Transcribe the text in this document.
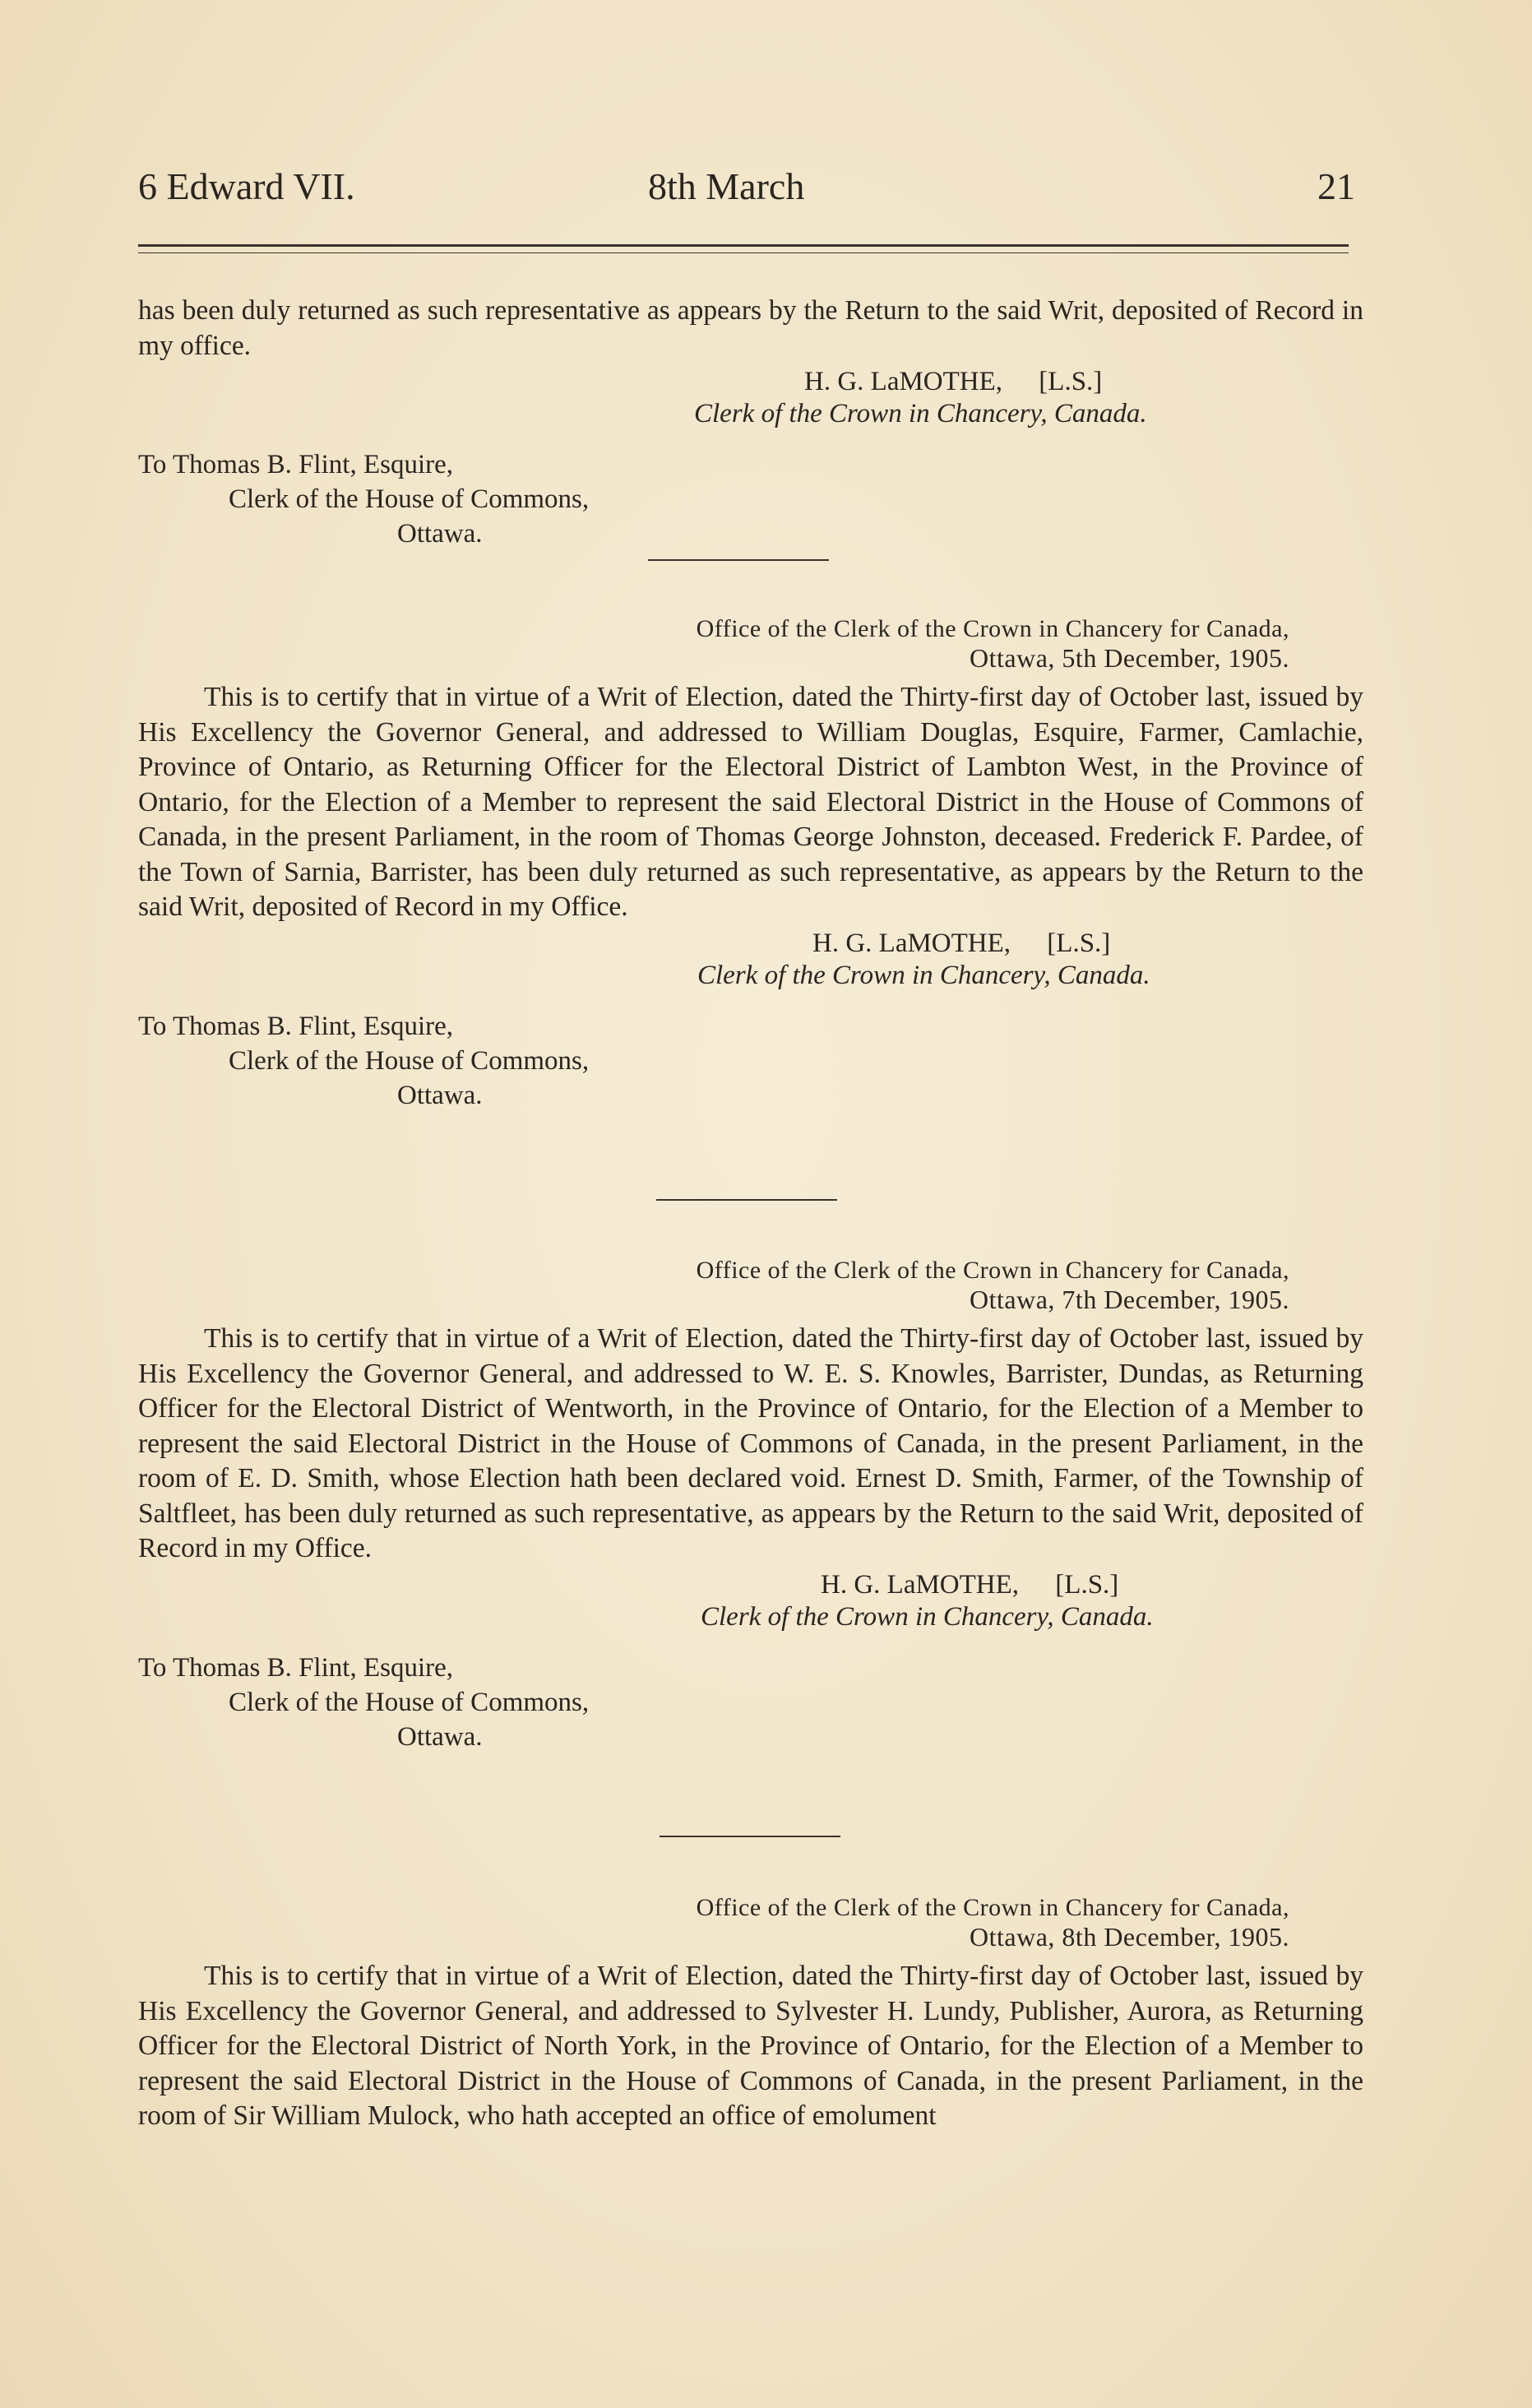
6 Edward VII.	8th March	21

has been duly returned as such representative as appears by the Return to the said Writ, deposited of Record in my office.

H. G. LaMOTHE, [L.S.]
Clerk of the Crown in Chancery, Canada.
To Thomas B. Flint, Esquire,
Clerk of the House of Commons,
Ottawa.
Office of the Clerk of the Crown in Chancery for Canada,
Ottawa, 5th December, 1905.

This is to certify that in virtue of a Writ of Election, dated the Thirty-first day of October last, issued by His Excellency the Governor General, and addressed to William Douglas, Esquire, Farmer, Camlachie, Province of Ontario, as Returning Officer for the Electoral District of Lambton West, in the Province of Ontario, for the Election of a Member to represent the said Electoral District in the House of Commons of Canada, in the present Parliament, in the room of Thomas George Johnston, deceased. Frederick F. Pardee, of the Town of Sarnia, Barrister, has been duly returned as such representative, as appears by the Return to the said Writ, deposited of Record in my Office.

H. G. LaMOTHE, [L.S.]
Clerk of the Crown in Chancery, Canada.
To Thomas B. Flint, Esquire,
Clerk of the House of Commons,
Ottawa.
Office of the Clerk of the Crown in Chancery for Canada,
Ottawa, 7th December, 1905.

This is to certify that in virtue of a Writ of Election, dated the Thirty-first day of October last, issued by His Excellency the Governor General, and addressed to W. E. S. Knowles, Barrister, Dundas, as Returning Officer for the Electoral District of Wentworth, in the Province of Ontario, for the Election of a Member to represent the said Electoral District in the House of Commons of Canada, in the present Parliament, in the room of E. D. Smith, whose Election hath been declared void. Ernest D. Smith, Farmer, of the Township of Saltfleet, has been duly returned as such representative, as appears by the Return to the said Writ, deposited of Record in my Office.

H. G. LaMOTHE, [L.S.]
Clerk of the Crown in Chancery, Canada.
To Thomas B. Flint, Esquire,
Clerk of the House of Commons,
Ottawa.
Office of the Clerk of the Crown in Chancery for Canada,
Ottawa, 8th December, 1905.

This is to certify that in virtue of a Writ of Election, dated the Thirty-first day of October last, issued by His Excellency the Governor General, and addressed to Sylvester H. Lundy, Publisher, Aurora, as Returning Officer for the Electoral District of North York, in the Province of Ontario, for the Election of a Member to represent the said Electoral District in the House of Commons of Canada, in the present Parliament, in the room of Sir William Mulock, who hath accepted an office of emolument
